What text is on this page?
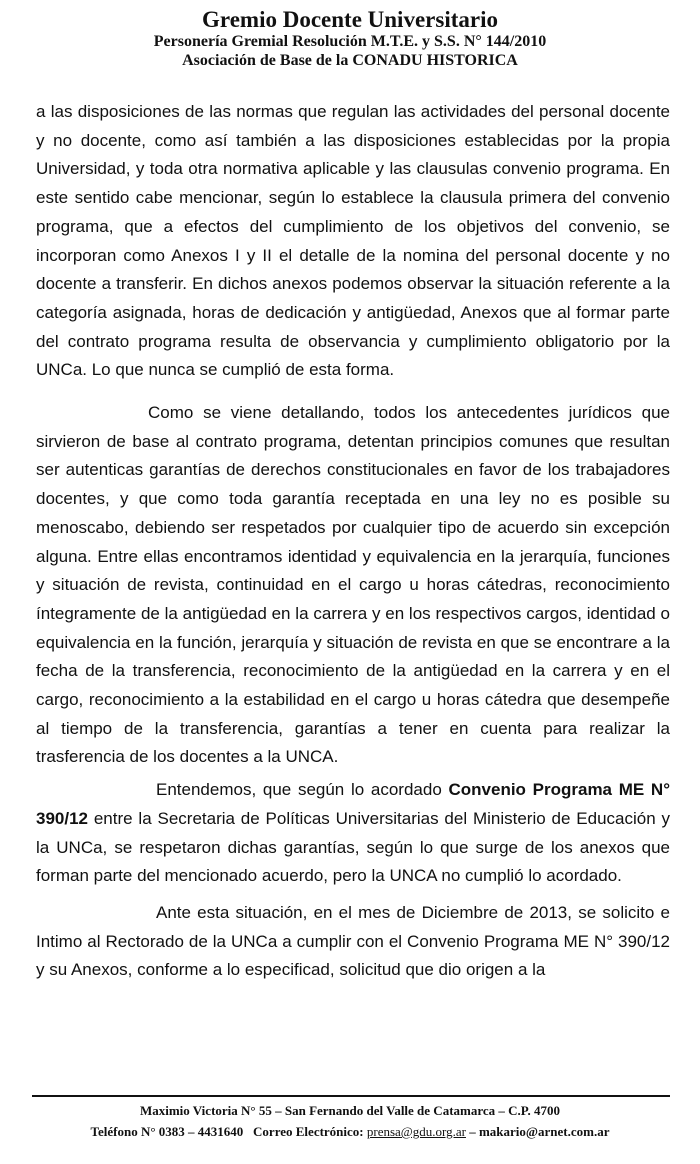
Gremio Docente Universitario
Personería Gremial Resolución M.T.E. y S.S. N° 144/2010
Asociación de Base de la CONADU HISTORICA

a las disposiciones de las normas que regulan las actividades del personal docente y no docente, como así también a las disposiciones establecidas por la propia Universidad, y toda otra normativa aplicable y las clausulas convenio programa. En este sentido cabe mencionar, según lo establece la clausula primera del convenio programa, que a efectos del cumplimiento de los objetivos del convenio, se incorporan como Anexos I y II el detalle de la nomina del personal docente y no docente a transferir. En dichos anexos podemos observar la situación referente a la categoría asignada, horas de dedicación y antigüedad, Anexos que al formar parte del contrato programa resulta de observancia y cumplimiento obligatorio por la UNCa. Lo que nunca se cumplió de esta forma.

Como se viene detallando, todos los antecedentes jurídicos que sirvieron de base al contrato programa, detentan principios comunes que resultan ser autenticas garantías de derechos constitucionales en favor de los trabajadores docentes, y que como toda garantía receptada en una ley no es posible su menoscabo, debiendo ser respetados por cualquier tipo de acuerdo sin excepción alguna. Entre ellas encontramos identidad y equivalencia en la jerarquía, funciones y situación de revista, continuidad en el cargo u horas cátedras, reconocimiento íntegramente de la antigüedad en la carrera y en los respectivos cargos, identidad o equivalencia en la función, jerarquía y situación de revista en que se encontrare a la fecha de la transferencia, reconocimiento de la antigüedad en la carrera y en el cargo, reconocimiento a la estabilidad en el cargo u horas cátedra que desempeñe al tiempo de la transferencia, garantías a tener en cuenta para realizar la trasferencia de los docentes a la UNCA.

Entendemos, que según lo acordado Convenio Programa ME N° 390/12 entre la Secretaria de Políticas Universitarias del Ministerio de Educación y la UNCa, se respetaron dichas garantías, según lo que surge de los anexos que forman parte del mencionado acuerdo, pero la UNCA no cumplió lo acordado.

Ante esta situación, en el mes de Diciembre de 2013, se solicito e Intimo al Rectorado de la UNCa a cumplir con el Convenio Programa ME N° 390/12 y su Anexos, conforme a lo especificad, solicitud que dio origen a la

Maximio Victoria N° 55 – San Fernando del Valle de Catamarca – C.P. 4700
Teléfono N° 0383 – 4431640 Correo Electrónico: prensa@gdu.org.ar – makario@arnet.com.ar
